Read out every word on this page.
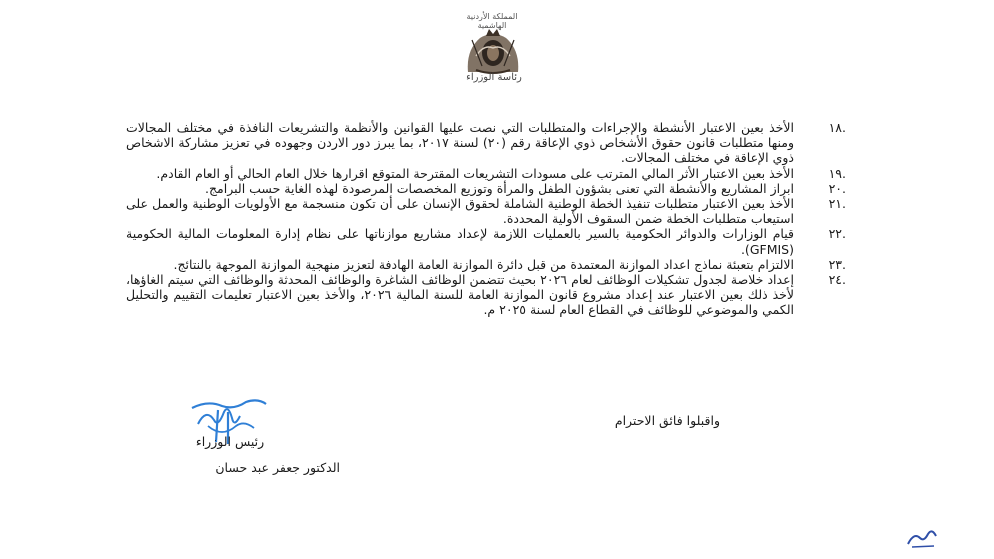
المملكة الأردنية الهاشمية
رئاسة الوزراء
.١٨
الأخذ بعين الاعتبار الأنشطة والإجراءات والمتطلبات التي نصت عليها القوانين والأنظمة والتشريعات النافذة في مختلف المجالات ومنها متطلبات قانون حقوق الأشخاص ذوي الإعاقة رقم (٢٠) لسنة ٢٠١٧، بما يبرز دور الاردن وجهوده في تعزيز مشاركة الاشخاص ذوي الإعاقة في مختلف المجالات.
.١٩
الأخذ بعين الاعتبار الأثر المالي المترتب على مسودات التشريعات المقترحة المتوقع اقرارها خلال العام الحالي أو العام القادم.
.٢٠
ابراز المشاريع والأنشطة التي تعنى بشؤون الطفل والمرأة وتوزيع المخصصات المرصودة لهذه الغاية حسب البرامج.
.٢١
الأخذ بعين الاعتبار متطلبات تنفيذ الخطة الوطنية الشاملة لحقوق الإنسان على أن تكون منسجمة مع الأولويات الوطنية والعمل على استيعاب متطلبات الخطة ضمن السقوف الأولية المحددة.
.٢٢
قيام الوزارات والدوائر الحكومية بالسير بالعمليات اللازمة لإعداد مشاريع موازناتها على نظام إدارة المعلومات المالية الحكومية (GFMIS).
.٢٣
الالتزام بتعبئة نماذج اعداد الموازنة المعتمدة من قبل دائرة الموازنة العامة الهادفة لتعزيز منهجية الموازنة الموجهة بالنتائج.
.٢٤
إعداد خلاصة لجدول تشكيلات الوظائف لعام ٢٠٢٦ بحيث تتضمن الوظائف الشاغرة والوظائف المحدثة والوظائف التي سيتم الغاؤها، لأخذ ذلك بعين الاعتبار عند إعداد مشروع قانون الموازنة العامة للسنة المالية ٢٠٢٦، والأخذ بعين الاعتبار تعليمات التقييم والتحليل الكمي والموضوعي للوظائف في القطاع العام لسنة ٢٠٢٥ م.
واقبلوا فائق الاحترام
رئيس الوزراء
الدكتور جعفر عبد حسان
